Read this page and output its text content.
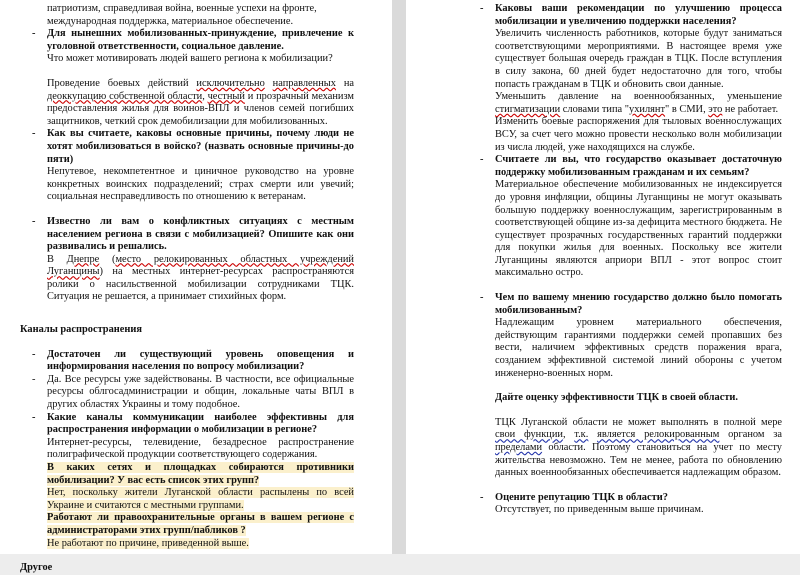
патриотизм, справедливая война, военные успехи на фронте,

международная поддержка, материальное обеспечение.

- Для нынешних мобилизованных-принуждение, привлечение к уголовной ответственности, социальное давление.

Что может мотивировать людей вашего региона к мобилизации?

Проведение боевых действий исключительно направленных на деоккупацию собственной области, честный и прозрачный механизм предоставления жилья для воинов-ВПЛ и членов семей погибших защитников, четкий срок демобилизации для мобилизованных.

- Как вы считаете, каковы основные причины, почему люди не хотят мобилизоваться в войско? (назвать основные причины-до пяти)

Непутевое, некомпетентное и циничное руководство на уровне конкретных воинских подразделений; страх смерти или увечий; социальная несправедливость по отношению к ветеранам.

- Известно ли вам о конфликтных ситуациях с местным населением региона в связи с мобилизацией? Опишите как они развивались и решались.

В Днепре (место релокированных областных учреждений Луганщины) на местных интернет-ресурсах распространяются ролики о насильственной мобилизации сотрудниками ТЦК. Ситуация не решается, а принимает стихийных форм.

Каналы распространения

- Достаточен ли существующий уровень оповещения и информирования населения по вопросу мобилизации?

- Да. Все ресурсы уже задействованы. В частности, все официальные ресурсы облгосадминистрации и общин, локальные чаты ВПЛ в других областях Украины и тому подобное.

- Какие каналы коммуникации наиболее эффективны для распространения информации о мобилизации в регионе?

Интернет-ресурсы, телевидение, безадресное распространение полиграфической продукции соответствующего содержания.

В каких сетях и площадках собираются противники мобилизации? У вас есть список этих групп?

Нет, поскольку жители Луганской области распылены по всей Украине и считаются с местными группами.

Работают ли правоохранительные органы в вашем регионе с администраторами этих групп/пабликов ?

Не работают по причине, приведенной выше.

Другое

- Каковы ваши рекомендации по улучшению процесса мобилизации и увеличению поддержки населения?

Увеличить численность работников, которые будут заниматься соответствующими мероприятиями. В настоящее время уже существует большая очередь граждан в ТЦК. После вступления в силу закона, 60 дней будет недостаточно для того, чтобы попасть гражданам в ТЦК и обновить свои данные.

Уменьшить давление на военнообязанных, уменьшение стигматизации словами типа "ухилянт" в СМИ, это не работает.

Изменить боевые распоряжения для тыловых военнослужащих ВСУ, за счет чего можно провести несколько волн мобилизации из числа людей, уже находящихся на службе.

- Считаете ли вы, что государство оказывает достаточную поддержку мобилизованным гражданам и их семьям?

Материальное обеспечение мобилизованных не индексируется до уровня инфляции, общины Луганщины не могут оказывать большую поддержку военнослужащим, зарегистрированным в соответствующей общине из-за дефицита местного бюджета. Не существует прозрачных государственных гарантий поддержки для покупки жилья для военных. Поскольку все жители Луганщины являются априори ВПЛ - этот вопрос стоит максимально остро.

- Чем по вашему мнению государство должно было помогать мобилизованным?

Надлежащим уровнем материального обеспечения, действующим гарантиями поддержки семей пропавших без вести, наличием эффективных средств поражения врага, созданием эффективной системой линий обороны с учетом инженерно-военных норм.

Дайте оценку эффективности ТЦК в своей области.

ТЦК Луганской области не может выполнять в полной мере свои функции, т.к. является релокированным органом за пределами области. Поэтому становиться на учет по месту жительства невозможно. Тем не менее, работа по обновлению данных военнообязанных обеспечивается надлежащим образом.

- Оцените репутацию ТЦК в области?

Отсутствует, по приведенным выше причинам.
